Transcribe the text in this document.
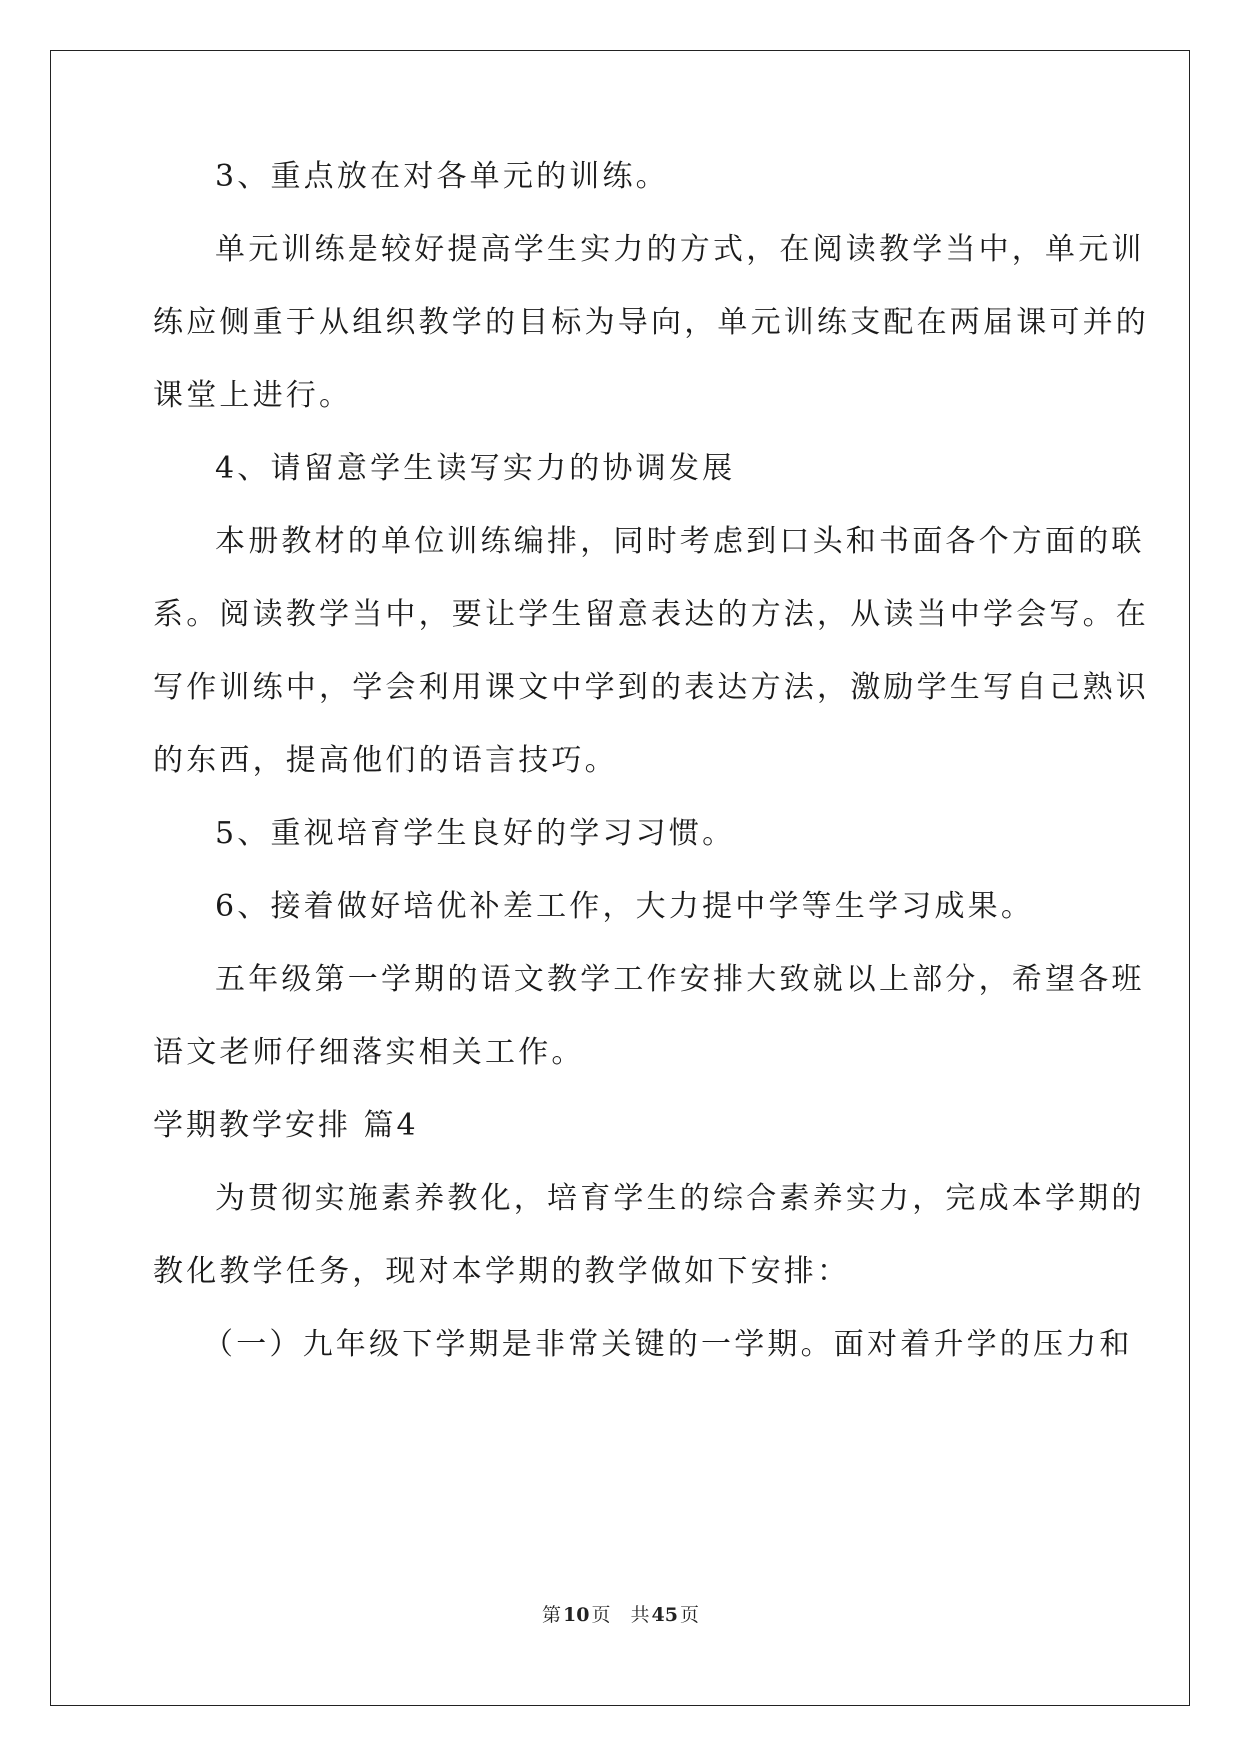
3、重点放在对各单元的训练。
单元训练是较好提高学生实力的方式，在阅读教学当中，单元训
练应侧重于从组织教学的目标为导向，单元训练支配在两届课可并的
课堂上进行。
4、请留意学生读写实力的协调发展
本册教材的单位训练编排，同时考虑到口头和书面各个方面的联
系。阅读教学当中，要让学生留意表达的方法，从读当中学会写。在
写作训练中，学会利用课文中学到的表达方法，激励学生写自己熟识
的东西，提高他们的语言技巧。
5、重视培育学生良好的学习习惯。
6、接着做好培优补差工作，大力提中学等生学习成果。
五年级第一学期的语文教学工作安排大致就以上部分，希望各班
语文老师仔细落实相关工作。
学期教学安排 篇4
为贯彻实施素养教化，培育学生的综合素养实力，完成本学期的
教化教学任务，现对本学期的教学做如下安排：
（一）九年级下学期是非常关键的一学期。面对着升学的压力和
第 10 页 共 45 页
